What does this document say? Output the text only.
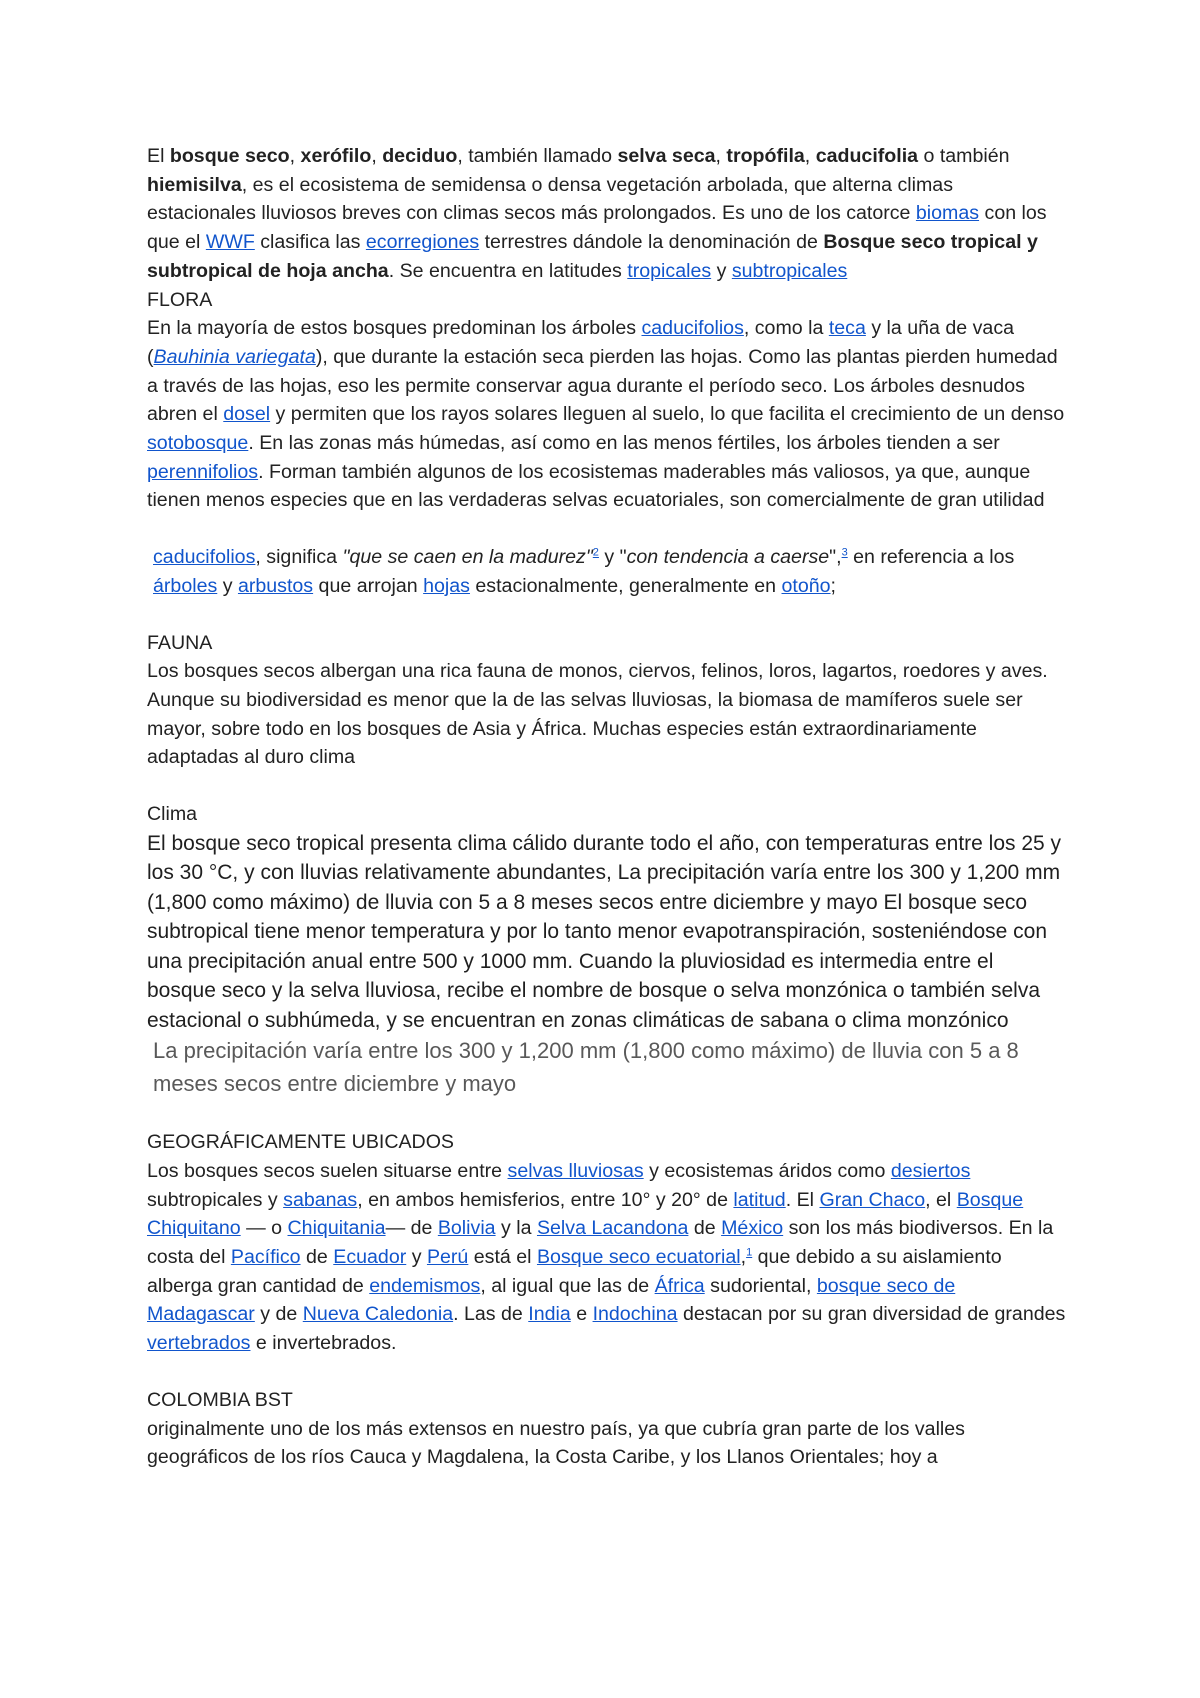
El bosque seco, xerófilo, deciduo, también llamado selva seca, tropófila, caducifolia o también hiemisilva, es el ecosistema de semidensa o densa vegetación arbolada, que alterna climas estacionales lluviosos breves con climas secos más prolongados. Es uno de los catorce biomas con los que el WWF clasifica las ecorregiones terrestres dándole la denominación de Bosque seco tropical y subtropical de hoja ancha. Se encuentra en latitudes tropicales y subtropicales

FLORA

En la mayoría de estos bosques predominan los árboles caducifolios, como la teca y la uña de vaca (Bauhinia variegata), que durante la estación seca pierden las hojas. Como las plantas pierden humedad a través de las hojas, eso les permite conservar agua durante el período seco. Los árboles desnudos abren el dosel y permiten que los rayos solares lleguen al suelo, lo que facilita el crecimiento de un denso sotobosque. En las zonas más húmedas, así como en las menos fértiles, los árboles tienden a ser perennifolios. Forman también algunos de los ecosistemas maderables más valiosos, ya que, aunque tienen menos especies que en las verdaderas selvas ecuatoriales, son comercialmente de gran utilidad

caducifolios, significa "que se caen en la madurez"$^2$ y "con tendencia a caerse",$^3$ en referencia a los árboles y arbustos que arrojan hojas estacionalmente, generalmente en otoño;

FAUNA

Los bosques secos albergan una rica fauna de monos, ciervos, felinos, loros, lagartos, roedores y aves. Aunque su biodiversidad es menor que la de las selvas lluviosas, la biomasa de mamíferos suele ser mayor, sobre todo en los bosques de Asia y África. Muchas especies están extraordinariamente adaptadas al duro clima

Clima

El bosque seco tropical presenta clima cálido durante todo el año, con temperaturas entre los 25 y los 30 °C, y con lluvias relativamente abundantes, La precipitación varía entre los 300 y 1,200 mm (1,800 como máximo) de lluvia con 5 a 8 meses secos entre diciembre y mayo El bosque seco subtropical tiene menor temperatura y por lo tanto menor evapotranspiración, sosteniéndose con una precipitación anual entre 500 y 1000 mm. Cuando la pluviosidad es intermedia entre el bosque seco y la selva lluviosa, recibe el nombre de bosque o selva monzónica o también selva estacional o subhúmeda, y se encuentran en zonas climáticas de sabana o clima monzónico

La precipitación varía entre los 300 y 1,200 mm (1,800 como máximo) de lluvia con 5 a 8 meses secos entre diciembre y mayo

GEOGRÁFICAMENTE UBICADOS

Los bosques secos suelen situarse entre selvas lluviosas y ecosistemas áridos como desiertos subtropicales y sabanas, en ambos hemisferios, entre 10° y 20° de latitud. El Gran Chaco, el Bosque Chiquitano — o Chiquitania— de Bolivia y la Selva Lacandona de México son los más biodiversos. En la costa del Pacífico de Ecuador y Perú está el Bosque seco ecuatorial,$^1$ que debido a su aislamiento alberga gran cantidad de endemismos, al igual que las de África sudoriental, bosque seco de Madagascar y de Nueva Caledonia. Las de India e Indochina destacan por su gran diversidad de grandes vertebrados e invertebrados.

COLOMBIA BST

originalmente uno de los más extensos en nuestro país, ya que cubría gran parte de los valles geográficos de los ríos Cauca y Magdalena, la Costa Caribe, y los Llanos Orientales; hoy a
